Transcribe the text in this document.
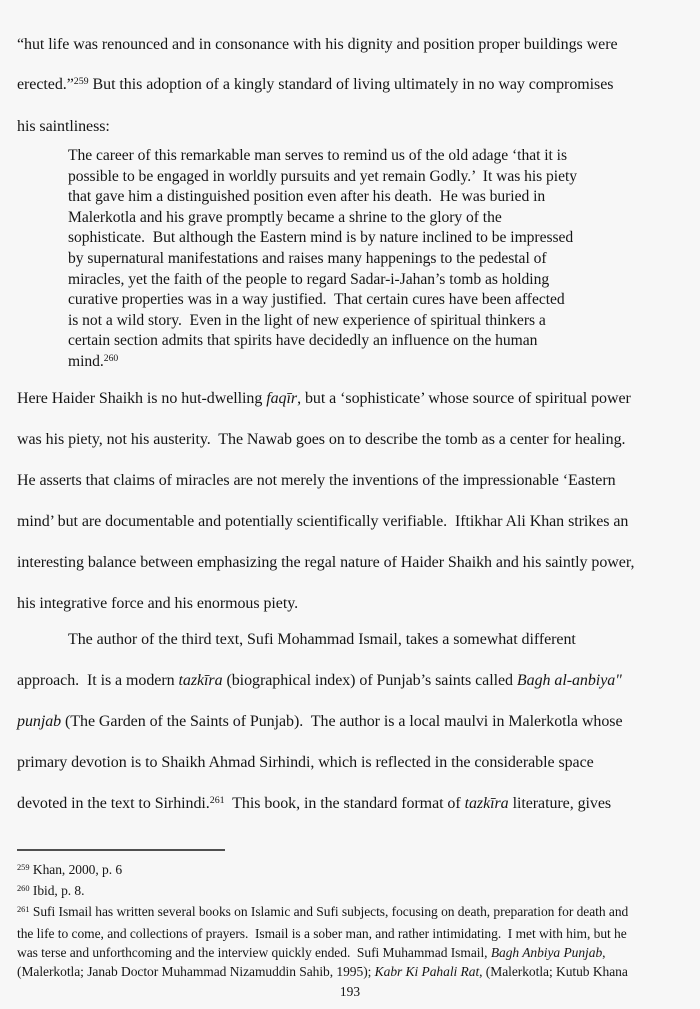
“hut life was renounced and in consonance with his dignity and position proper buildings were
erected.”$^{259}$ But this adoption of a kingly standard of living ultimately in no way compromises
his saintliness:
The career of this remarkable man serves to remind us of the old adage ‘that it is
possible to be engaged in worldly pursuits and yet remain Godly.’  It was his piety
that gave him a distinguished position even after his death.  He was buried in
Malerkotla and his grave promptly became a shrine to the glory of the
sophisticate.  But although the Eastern mind is by nature inclined to be impressed
by supernatural manifestations and raises many happenings to the pedestal of
miracles, yet the faith of the people to regard Sadar-i-Jahan’s tomb as holding
curative properties was in a way justified.  That certain cures have been affected
is not a wild story.  Even in the light of new experience of spiritual thinkers a
certain section admits that spirits have decidedly an influence on the human
mind.$^{260}$
Here Haider Shaikh is no hut-dwelling faqīr, but a ‘sophisticate’ whose source of spiritual power
was his piety, not his austerity.  The Nawab goes on to describe the tomb as a center for healing.
He asserts that claims of miracles are not merely the inventions of the impressionable ‘Eastern
mind’ but are documentable and potentially scientifically verifiable.  Iftikhar Ali Khan strikes an
interesting balance between emphasizing the regal nature of Haider Shaikh and his saintly power,
his integrative force and his enormous piety.
The author of the third text, Sufi Mohammad Ismail, takes a somewhat different
approach.  It is a modern tazkīra (biographical index) of Punjab’s saints called Bagh al-anbiya"
punjab (The Garden of the Saints of Punjab).  The author is a local maulvi in Malerkotla whose
primary devotion is to Shaikh Ahmad Sirhindi, which is reflected in the considerable space
devoted in the text to Sirhindi.$^{261}$  This book, in the standard format of tazkīra literature, gives
$^{259}$ Khan, 2000, p. 6
$^{260}$ Ibid, p. 8.
$^{261}$ Sufi Ismail has written several books on Islamic and Sufi subjects, focusing on death, preparation for death and
the life to come, and collections of prayers.  Ismail is a sober man, and rather intimidating.  I met with him, but he
was terse and unforthcoming and the interview quickly ended.  Sufi Muhammad Ismail, Bagh Anbiya Punjab,
(Malerkotla; Janab Doctor Muhammad Nizamuddin Sahib, 1995); Kabr Ki Pahali Rat, (Malerkotla; Kutub Khana
193
